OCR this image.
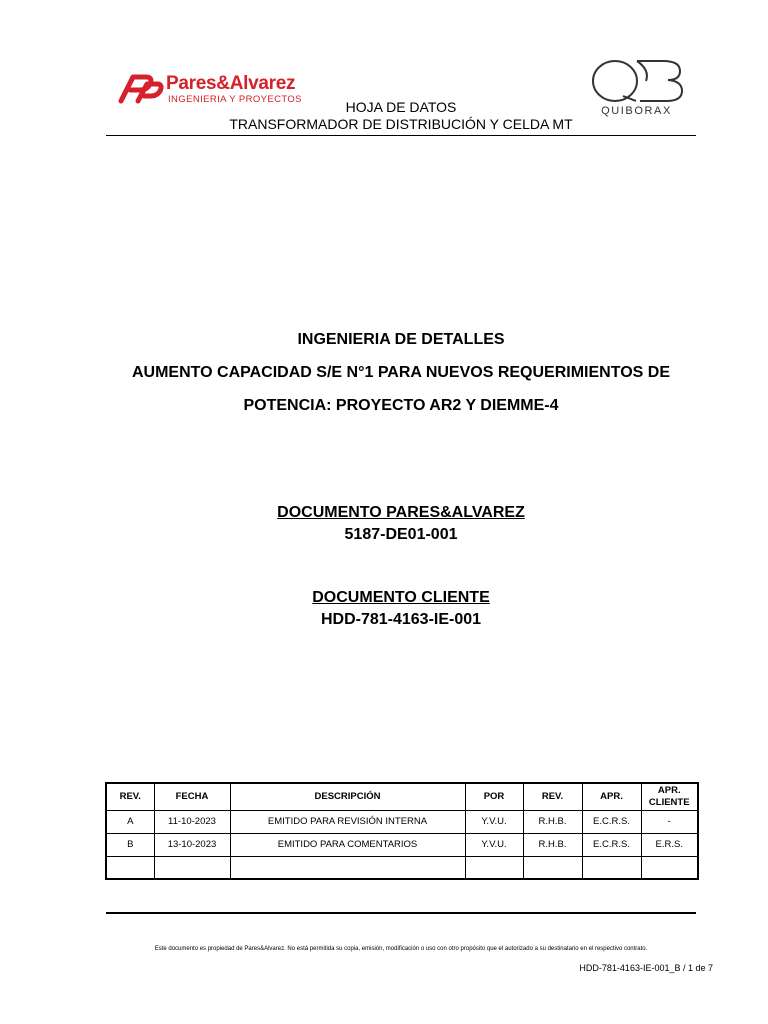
Pares&Alvarez
INGENIERIA Y PROYECTOS
QUIBORAX
HOJA DE DATOS
TRANSFORMADOR DE DISTRIBUCIÓN Y CELDA MT
INGENIERIA DE DETALLES
AUMENTO CAPACIDAD S/E N°1 PARA NUEVOS REQUERIMIENTOS DE
POTENCIA: PROYECTO AR2 Y DIEMME-4
DOCUMENTO PARES&ALVAREZ
5187-DE01-001
DOCUMENTO CLIENTE
HDD-781-4163-IE-001
REV.	FECHA	DESCRIPCIÓN	POR	REV.	APR.	APR.
CLIENTE
A	11-10-2023	EMITIDO PARA REVISIÓN INTERNA	Y.V.U.	R.H.B.	E.C.R.S.	-
B	13-10-2023	EMITIDO PARA COMENTARIOS	Y.V.U.	R.H.B.	E.C.R.S.	E.R.S.

Este documento es propiedad de Pares&Alvarez. No está permitida su copia, emisión, modificación o uso con otro propósito que el autorizado a su destinatario en el respectivo contrato.
HDD-781-4163-IE-001_B / 1 de 7
